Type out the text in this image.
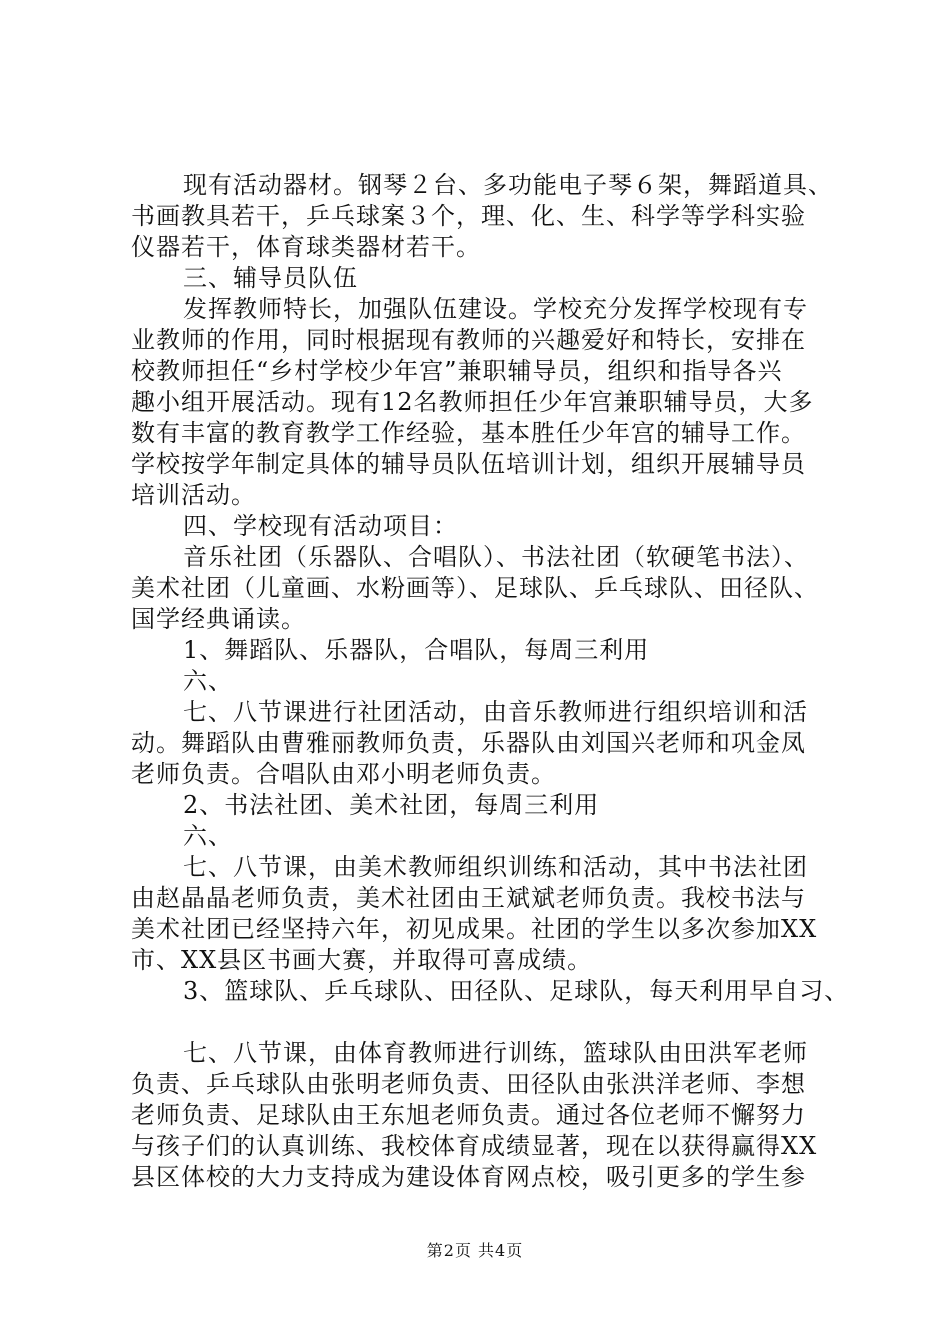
现有活动器材。钢琴２台、多功能电子琴６架，舞蹈道具、
书画教具若干，乒乓球案３个，理、化、生、科学等学科实验
仪器若干，体育球类器材若干。
三、辅导员队伍
发挥教师特长，加强队伍建设。学校充分发挥学校现有专
业教师的作用，同时根据现有教师的兴趣爱好和特长，安排在
校教师担任“乡村学校少年宫”兼职辅导员，组织和指导各兴
趣小组开展活动。现有12名教师担任少年宫兼职辅导员，大多
数有丰富的教育教学工作经验，基本胜任少年宫的辅导工作。
学校按学年制定具体的辅导员队伍培训计划，组织开展辅导员
培训活动。
四、学校现有活动项目：
音乐社团（乐器队、合唱队）、书法社团（软硬笔书法）、
美术社团（儿童画、水粉画等）、足球队、乒乓球队、田径队、
国学经典诵读。
1、舞蹈队、乐器队，合唱队，每周三利用
六、
七、八节课进行社团活动，由音乐教师进行组织培训和活
动。舞蹈队由曹雅丽教师负责，乐器队由刘国兴老师和巩金凤
老师负责。合唱队由邓小明老师负责。
2、书法社团、美术社团，每周三利用
六、
七、八节课，由美术教师组织训练和活动，其中书法社团
由赵晶晶老师负责，美术社团由王斌斌老师负责。我校书法与
美术社团已经坚持六年，初见成果。社团的学生以多次参加XX
市、XX县区书画大赛，并取得可喜成绩。
3、篮球队、乒乓球队、田径队、足球队，每天利用早自习、
七、八节课，由体育教师进行训练，篮球队由田洪军老师
负责、乒乓球队由张明老师负责、田径队由张洪洋老师、李想
老师负责、足球队由王东旭老师负责。通过各位老师不懈努力
与孩子们的认真训练、我校体育成绩显著，现在以获得赢得XX
县区体校的大力支持成为建设体育网点校，吸引更多的学生参
第2页 共4页
